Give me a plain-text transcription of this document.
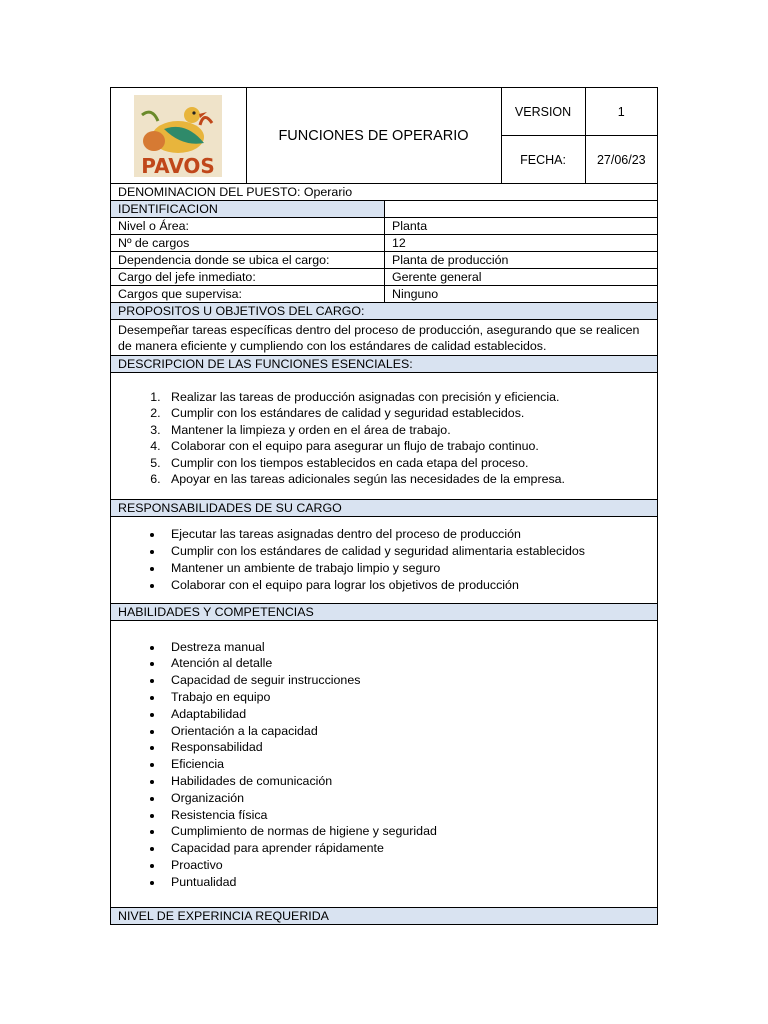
PAVOS
FUNCIONES DE OPERARIO
VERSION	1
FECHA:	27/06/23
DENOMINACION DEL PUESTO: Operario
IDENTIFICACION
Nivel o Área:	Planta
Nº de cargos	12
Dependencia donde se ubica el cargo:	Planta de producción
Cargo del jefe inmediato:	Gerente general
Cargos que supervisa:	Ninguno
PROPOSITOS U OBJETIVOS DEL CARGO:
Desempeñar tareas específicas dentro del proceso de producción, asegurando que se realicen de manera eficiente y cumpliendo con los estándares de calidad establecidos.
DESCRIPCION DE LAS FUNCIONES ESENCIALES:
1. Realizar las tareas de producción asignadas con precisión y eficiencia.
2. Cumplir con los estándares de calidad y seguridad establecidos.
3. Mantener la limpieza y orden en el área de trabajo.
4. Colaborar con el equipo para asegurar un flujo de trabajo continuo.
5. Cumplir con los tiempos establecidos en cada etapa del proceso.
6. Apoyar en las tareas adicionales según las necesidades de la empresa.
RESPONSABILIDADES DE SU CARGO
• Ejecutar las tareas asignadas dentro del proceso de producción
• Cumplir con los estándares de calidad y seguridad alimentaria establecidos
• Mantener un ambiente de trabajo limpio y seguro
• Colaborar con el equipo para lograr los objetivos de producción
HABILIDADES Y COMPETENCIAS
• Destreza manual
• Atención al detalle
• Capacidad de seguir instrucciones
• Trabajo en equipo
• Adaptabilidad
• Orientación a la capacidad
• Responsabilidad
• Eficiencia
• Habilidades de comunicación
• Organización
• Resistencia física
• Cumplimiento de normas de higiene y seguridad
• Capacidad para aprender rápidamente
• Proactivo
• Puntualidad
NIVEL DE EXPERINCIA REQUERIDA
